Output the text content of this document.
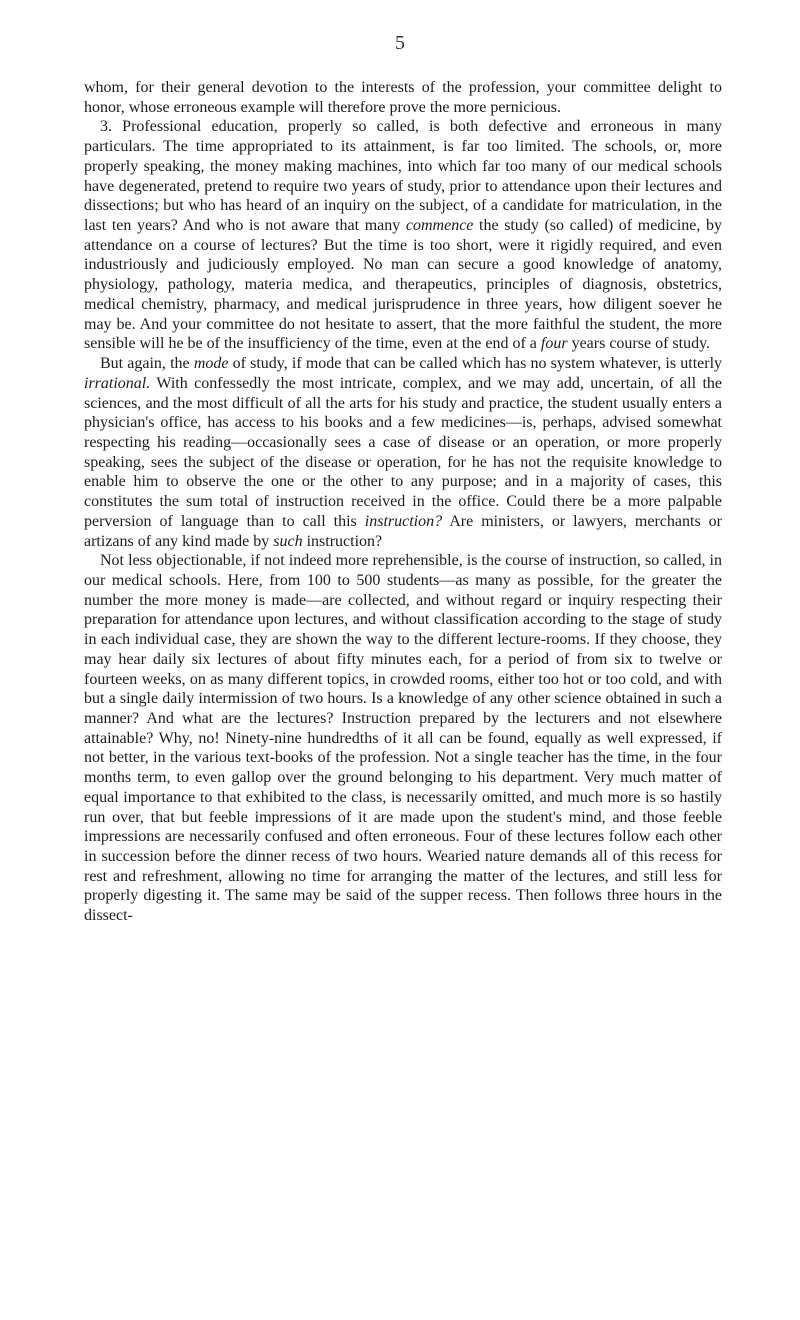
5

whom, for their general devotion to the interests of the profession, your committee delight to honor, whose erroneous example will therefore prove the more pernicious.

3. Professional education, properly so called, is both defective and erroneous in many particulars. The time appropriated to its attainment, is far too limited. The schools, or, more properly speaking, the money making machines, into which far too many of our medical schools have degenerated, pretend to require two years of study, prior to attendance upon their lectures and dissections; but who has heard of an inquiry on the subject, of a candidate for matriculation, in the last ten years? And who is not aware that many commence the study (so called) of medicine, by attendance on a course of lectures? But the time is too short, were it rigidly required, and even industriously and judiciously employed. No man can secure a good knowledge of anatomy, physiology, pathology, materia medica, and therapeutics, principles of diagnosis, obstetrics, medical chemistry, pharmacy, and medical jurisprudence in three years, how diligent soever he may be. And your committee do not hesitate to assert, that the more faithful the student, the more sensible will he be of the insufficiency of the time, even at the end of a four years course of study.

But again, the mode of study, if mode that can be called which has no system whatever, is utterly irrational. With confessedly the most intricate, complex, and we may add, uncertain, of all the sciences, and the most difficult of all the arts for his study and practice, the student usually enters a physician's office, has access to his books and a few medicines—is, perhaps, advised somewhat respecting his reading—occasionally sees a case of disease or an operation, or more properly speaking, sees the subject of the disease or operation, for he has not the requisite knowledge to enable him to observe the one or the other to any purpose; and in a majority of cases, this constitutes the sum total of instruction received in the office. Could there be a more palpable perversion of language than to call this instruction? Are ministers, or lawyers, merchants or artizans of any kind made by such instruction?

Not less objectionable, if not indeed more reprehensible, is the course of instruction, so called, in our medical schools. Here, from 100 to 500 students—as many as possible, for the greater the number the more money is made—are collected, and without regard or inquiry respecting their preparation for attendance upon lectures, and without classification according to the stage of study in each individual case, they are shown the way to the different lecture-rooms. If they choose, they may hear daily six lectures of about fifty minutes each, for a period of from six to twelve or fourteen weeks, on as many different topics, in crowded rooms, either too hot or too cold, and with but a single daily intermission of two hours. Is a knowledge of any other science obtained in such a manner? And what are the lectures? Instruction prepared by the lecturers and not elsewhere attainable? Why, no! Ninety-nine hundredths of it all can be found, equally as well expressed, if not better, in the various text-books of the profession. Not a single teacher has the time, in the four months term, to even gallop over the ground belonging to his department. Very much matter of equal importance to that exhibited to the class, is necessarily omitted, and much more is so hastily run over, that but feeble impressions of it are made upon the student's mind, and those feeble impressions are necessarily confused and often erroneous. Four of these lectures follow each other in succession before the dinner recess of two hours. Wearied nature demands all of this recess for rest and refreshment, allowing no time for arranging the matter of the lectures, and still less for properly digesting it. The same may be said of the supper recess. Then follows three hours in the dissect-
